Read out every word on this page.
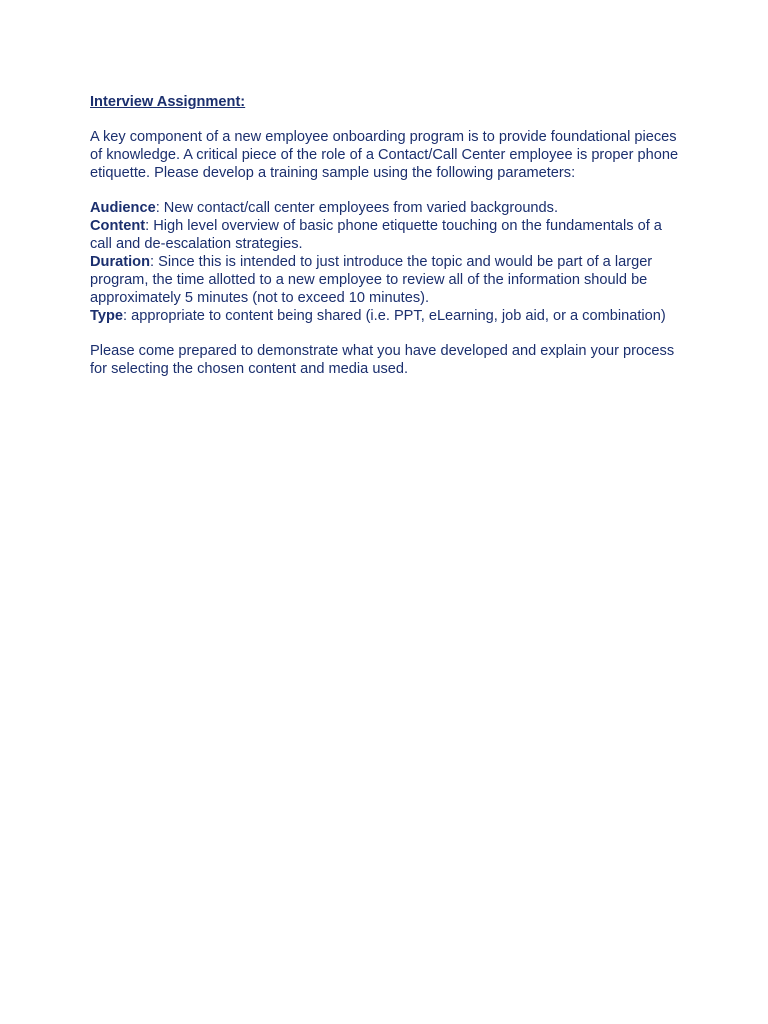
Interview Assignment:

A key component of a new employee onboarding program is to provide foundational pieces of knowledge. A critical piece of the role of a Contact/Call Center employee is proper phone etiquette. Please develop a training sample using the following parameters:

Audience: New contact/call center employees from varied backgrounds.

Content: High level overview of basic phone etiquette touching on the fundamentals of a call and de-escalation strategies.

Duration: Since this is intended to just introduce the topic and would be part of a larger program, the time allotted to a new employee to review all of the information should be approximately 5 minutes (not to exceed 10 minutes).

Type: appropriate to content being shared (i.e. PPT, eLearning, job aid, or a combination)

Please come prepared to demonstrate what you have developed and explain your process for selecting the chosen content and media used.
